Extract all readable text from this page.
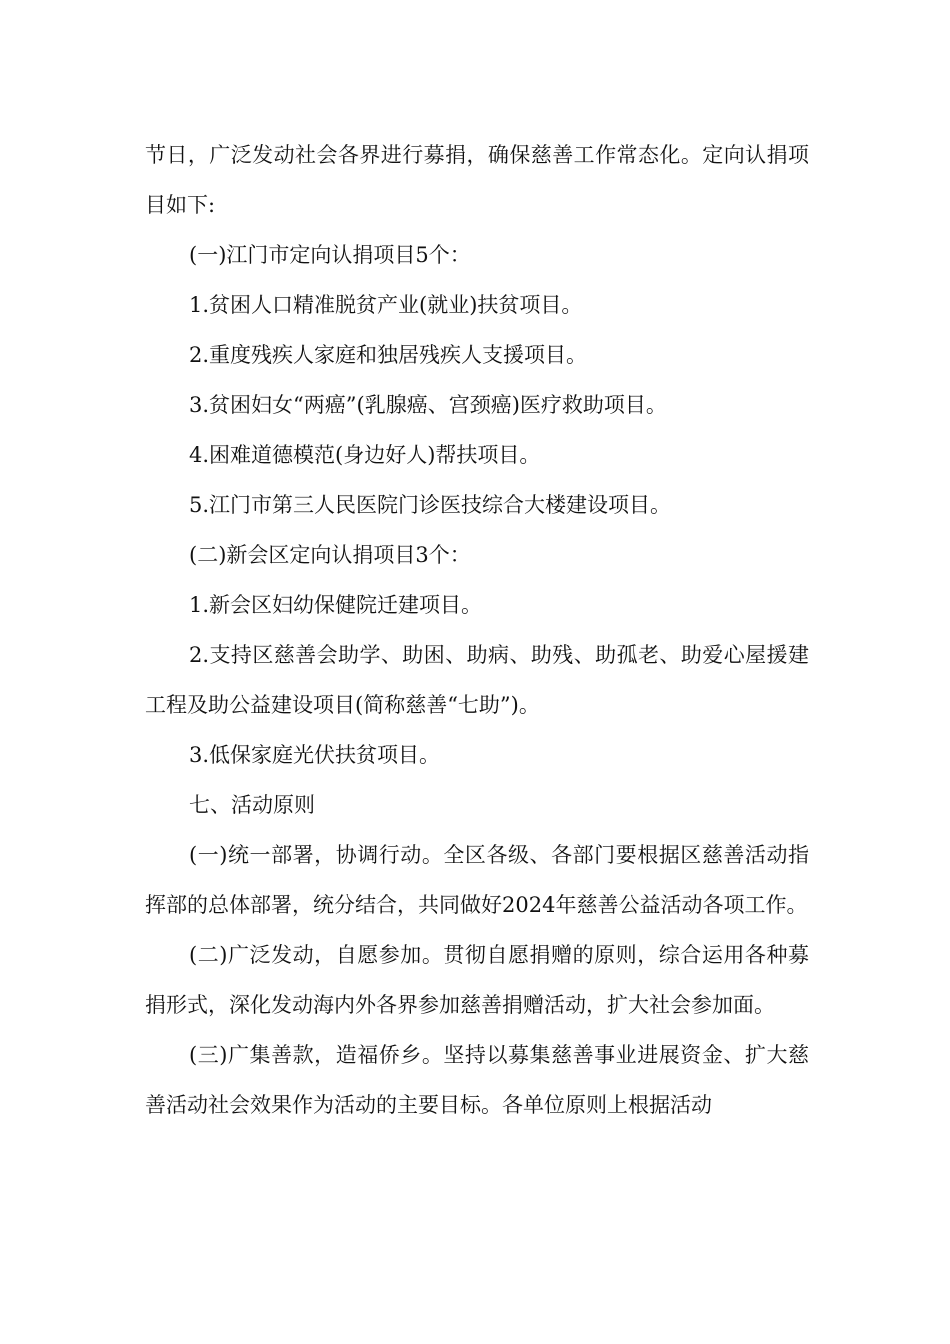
节日，广泛发动社会各界进行募捐，确保慈善工作常态化。定向认捐项目如下:

(一)江门市定向认捐项目5个：

1.贫困人口精准脱贫产业(就业)扶贫项目。

2.重度残疾人家庭和独居残疾人支援项目。

3.贫困妇女“两癌”(乳腺癌、宫颈癌)医疗救助项目。

4.困难道德模范(身边好人)帮扶项目。

5.江门市第三人民医院门诊医技综合大楼建设项目。

(二)新会区定向认捐项目3个：

1.新会区妇幼保健院迁建项目。

2.支持区慈善会助学、助困、助病、助残、助孤老、助爱心屋援建工程及助公益建设项目(简称慈善“七助”)。

3.低保家庭光伏扶贫项目。

七、活动原则

(一)统一部署，协调行动。全区各级、各部门要根据区慈善活动指挥部的总体部署，统分结合，共同做好2024年慈善公益活动各项工作。

(二)广泛发动，自愿参加。贯彻自愿捐赠的原则，综合运用各种募捐形式，深化发动海内外各界参加慈善捐赠活动，扩大社会参加面。

(三)广集善款，造福侨乡。坚持以募集慈善事业进展资金、扩大慈善活动社会效果作为活动的主要目标。各单位原则上根据活动
